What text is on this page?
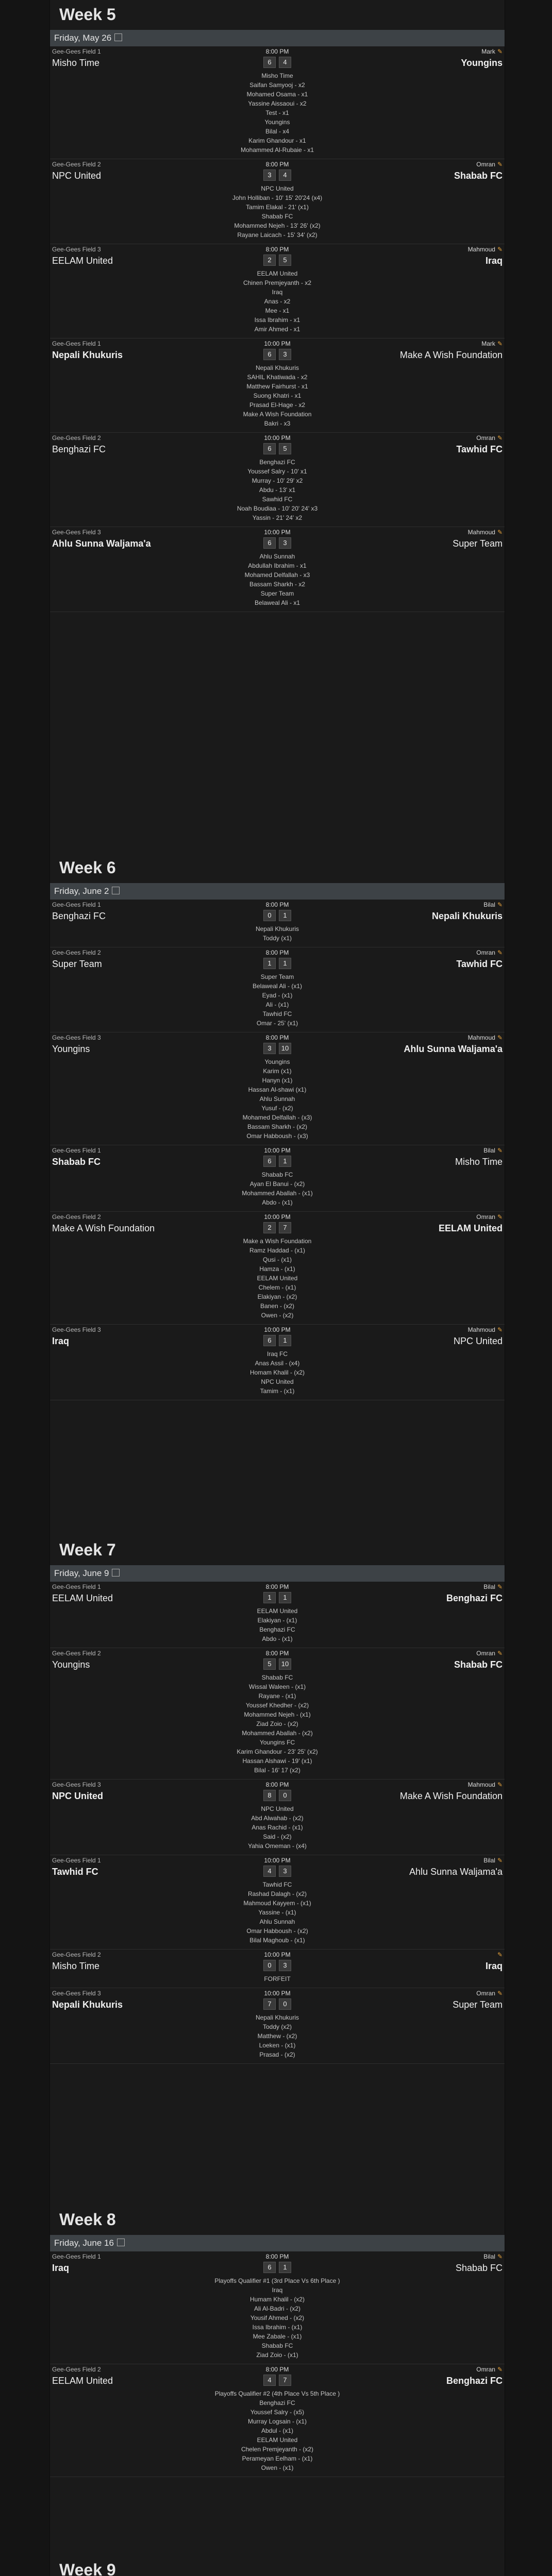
Week 5
Friday, May 26
Gee-Gees Field 1	8:00 PM	Mark ✎
Misho Time	6 4	Youngins
Misho Time
Saifan Samyooj - x2
Mohamed Osama - x1
Yassine Aissaoui - x2
Test - x1
Youngins
Bilal - x4
Karim Ghandour - x1
Mohammed Al-Rubaie - x1
Gee-Gees Field 2	8:00 PM	Omran ✎
NPC United	3 4	Shabab FC
NPC United
John Holliban - 10' 15' 20'24 (x4)
Tamim Elakal - 21' (x1)
Shabab FC
Mohammed Nejeh - 13' 26' (x2)
Rayane Laicach - 15' 34' (x2)
Gee-Gees Field 3	8:00 PM	Mahmoud ✎
EELAM United	2 5	Iraq
EELAM United
Chinen Premjeyanth - x2
Iraq
Anas - x2
Mee - x1
Issa Ibrahim - x1
Amir Ahmed - x1
Gee-Gees Field 1	10:00 PM	Mark ✎
Nepali Khukuris	6 3	Make A Wish Foundation
Nepali Khukuris
SAHIL Khatiwada - x2
Matthew Fairhurst - x1
Suong Khatri - x1
Prasad El-Hage - x2
Make A Wish Foundation
Bakri - x3
Gee-Gees Field 2	10:00 PM	Omran ✎
Benghazi FC	6 5	Tawhid FC
Benghazi FC
Youssef Salry - 10' x1
Murray - 10' 29' x2
Abdu - 13' x1
Sawhid FC
Noah Boudiaa - 10' 20' 24' x3
Yassin - 21' 24' x2
Gee-Gees Field 3	10:00 PM	Mahmoud ✎
Ahlu Sunna Waljama'a	6 3	Super Team
Ahlu Sunnah
Abdullah Ibrahim - x1
Mohamed Delfallah - x3
Bassam Sharkh - x2
Super Team
Belaweal Ali - x1
Week 6
Friday, June 2
Gee-Gees Field 1	8:00 PM	Bilal ✎
Benghazi FC	0 1	Nepali Khukuris
Nepali Khukuris
Toddy (x1)
Gee-Gees Field 2	8:00 PM	Omran ✎
Super Team	1 1	Tawhid FC
Super Team
Belaweal Ali - (x1)
Eyad - (x1)
Ali - (x1)
Tawhid FC
Omar - 25' (x1)
Gee-Gees Field 3	8:00 PM	Mahmoud ✎
Youngins	3 10	Ahlu Sunna Waljama'a
Youngins
Karim (x1)
Hanyn (x1)
Hassan Al-shawi (x1)
Ahlu Sunnah
Yusuf - (x2)
Mohamed Delfallah - (x3)
Bassam Sharkh - (x2)
Omar Habboush - (x3)
Gee-Gees Field 1	10:00 PM	Bilal ✎
Shabab FC	6 1	Misho Time
Shabab FC
Ayan El Banui - (x2)
Mohammed Aballah - (x1)
Abdo - (x1)
Gee-Gees Field 2	10:00 PM	Omran ✎
Make A Wish Foundation	2 7	EELAM United
Make a Wish Foundation
Ramz Haddad - (x1)
Qusi - (x1)
Hamza - (x1)
EELAM United
Chelem - (x1)
Elakiyan - (x2)
Banen - (x2)
Owen - (x2)
Gee-Gees Field 3	10:00 PM	Mahmoud ✎
Iraq	6 1	NPC United
Iraq FC
Anas Assil - (x4)
Homam Khalil - (x2)
NPC United
Tamim - (x1)
Week 7
Friday, June 9
Gee-Gees Field 1	8:00 PM	Bilal ✎
EELAM United	1 1	Benghazi FC
EELAM United
Elakiyan - (x1)
Benghazi FC
Abdo - (x1)
Gee-Gees Field 2	8:00 PM	Omran ✎
Youngins	5 10	Shabab FC
Shabab FC
Wissal Waleen - (x1)
Rayane - (x1)
Youssef Khedher - (x2)
Mohammed Nejeh - (x1)
Ziad Zoio - (x2)
Mohammed Aballah - (x2)
Youngins FC
Karim Ghandour - 23' 25' (x2)
Hassan Alshawi - 19' (x1)
Bilal - 16' 17 (x2)
Gee-Gees Field 3	8:00 PM	Mahmoud ✎
NPC United	8 0	Make A Wish Foundation
NPC United
Abd Alwahab - (x2)
Anas Rachid - (x1)
Said - (x2)
Yahia Omeman - (x4)
Gee-Gees Field 1	10:00 PM	Bilal ✎
Tawhid FC	4 3	Ahlu Sunna Waljama'a
Tawhid FC
Rashad Dalagh - (x2)
Mahmoud Kayyem - (x1)
Yassine - (x1)
Ahlu Sunnah
Omar Habboush - (x2)
Bilal Maghoub - (x1)
Gee-Gees Field 2	10:00 PM	✎
Misho Time	0 3	Iraq
FORFEIT
Gee-Gees Field 3	10:00 PM	Omran ✎
Nepali Khukuris	7 0	Super Team
Nepali Khukuris
Toddy (x2)
Matthew - (x2)
Loeken - (x1)
Prasad - (x2)
Week 8
Friday, June 16
Gee-Gees Field 1	8:00 PM	Bilal ✎
Iraq	6 1	Shabab FC
Playoffs Qualifier #1 (3rd Place Vs 6th Place )
Iraq
Humam Khalil - (x2)
Ali Al-Badri - (x2)
Yousif Ahmed - (x2)
Issa Ibrahim - (x1)
Mee Zabale - (x1)
Shabab FC
Ziad Zoio - (x1)
Gee-Gees Field 2	8:00 PM	Omran ✎
EELAM United	4 7	Benghazi FC
Playoffs Qualifier #2 (4th Place Vs 5th Place )
Benghazi FC
Youssef Salry - (x5)
Murray Logsain - (x1)
Abdul - (x1)
EELAM United
Chelen Premjeyanth - (x2)
Perameyan Eelham - (x1)
Owen - (x1)
Week 9
